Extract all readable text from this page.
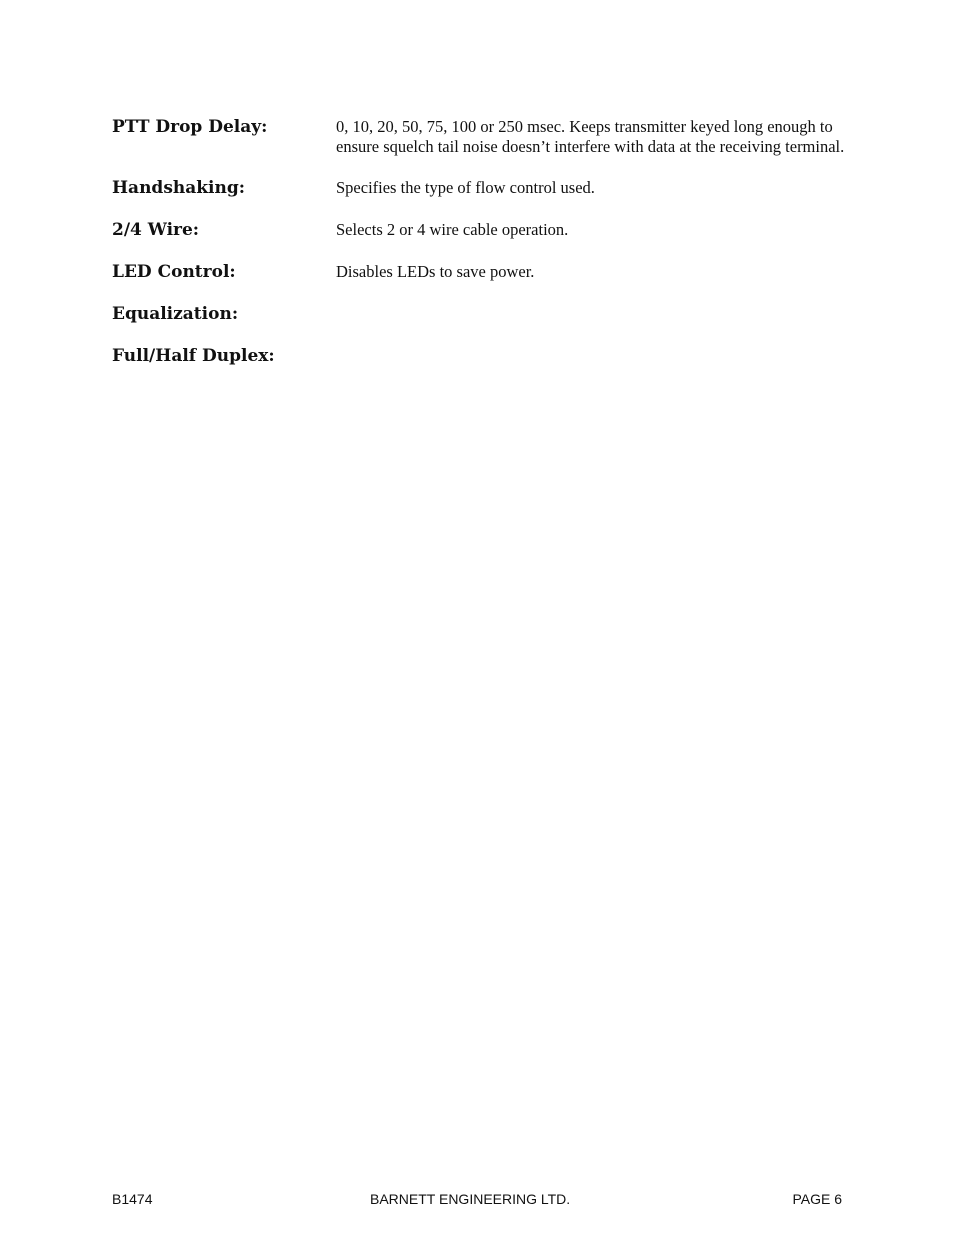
PTT Drop Delay:	0, 10, 20, 50, 75, 100 or 250 msec. Keeps transmitter keyed long enough to ensure squelch tail noise doesn’t interfere with data at the receiving terminal.
Handshaking:	Specifies the type of flow control used.
2/4 Wire:	Selects 2 or 4 wire cable operation.
LED Control:	Disables LEDs to save power.
Equalization:
Full/Half Duplex:
B1474	BARNETT ENGINEERING LTD.	PAGE 6
